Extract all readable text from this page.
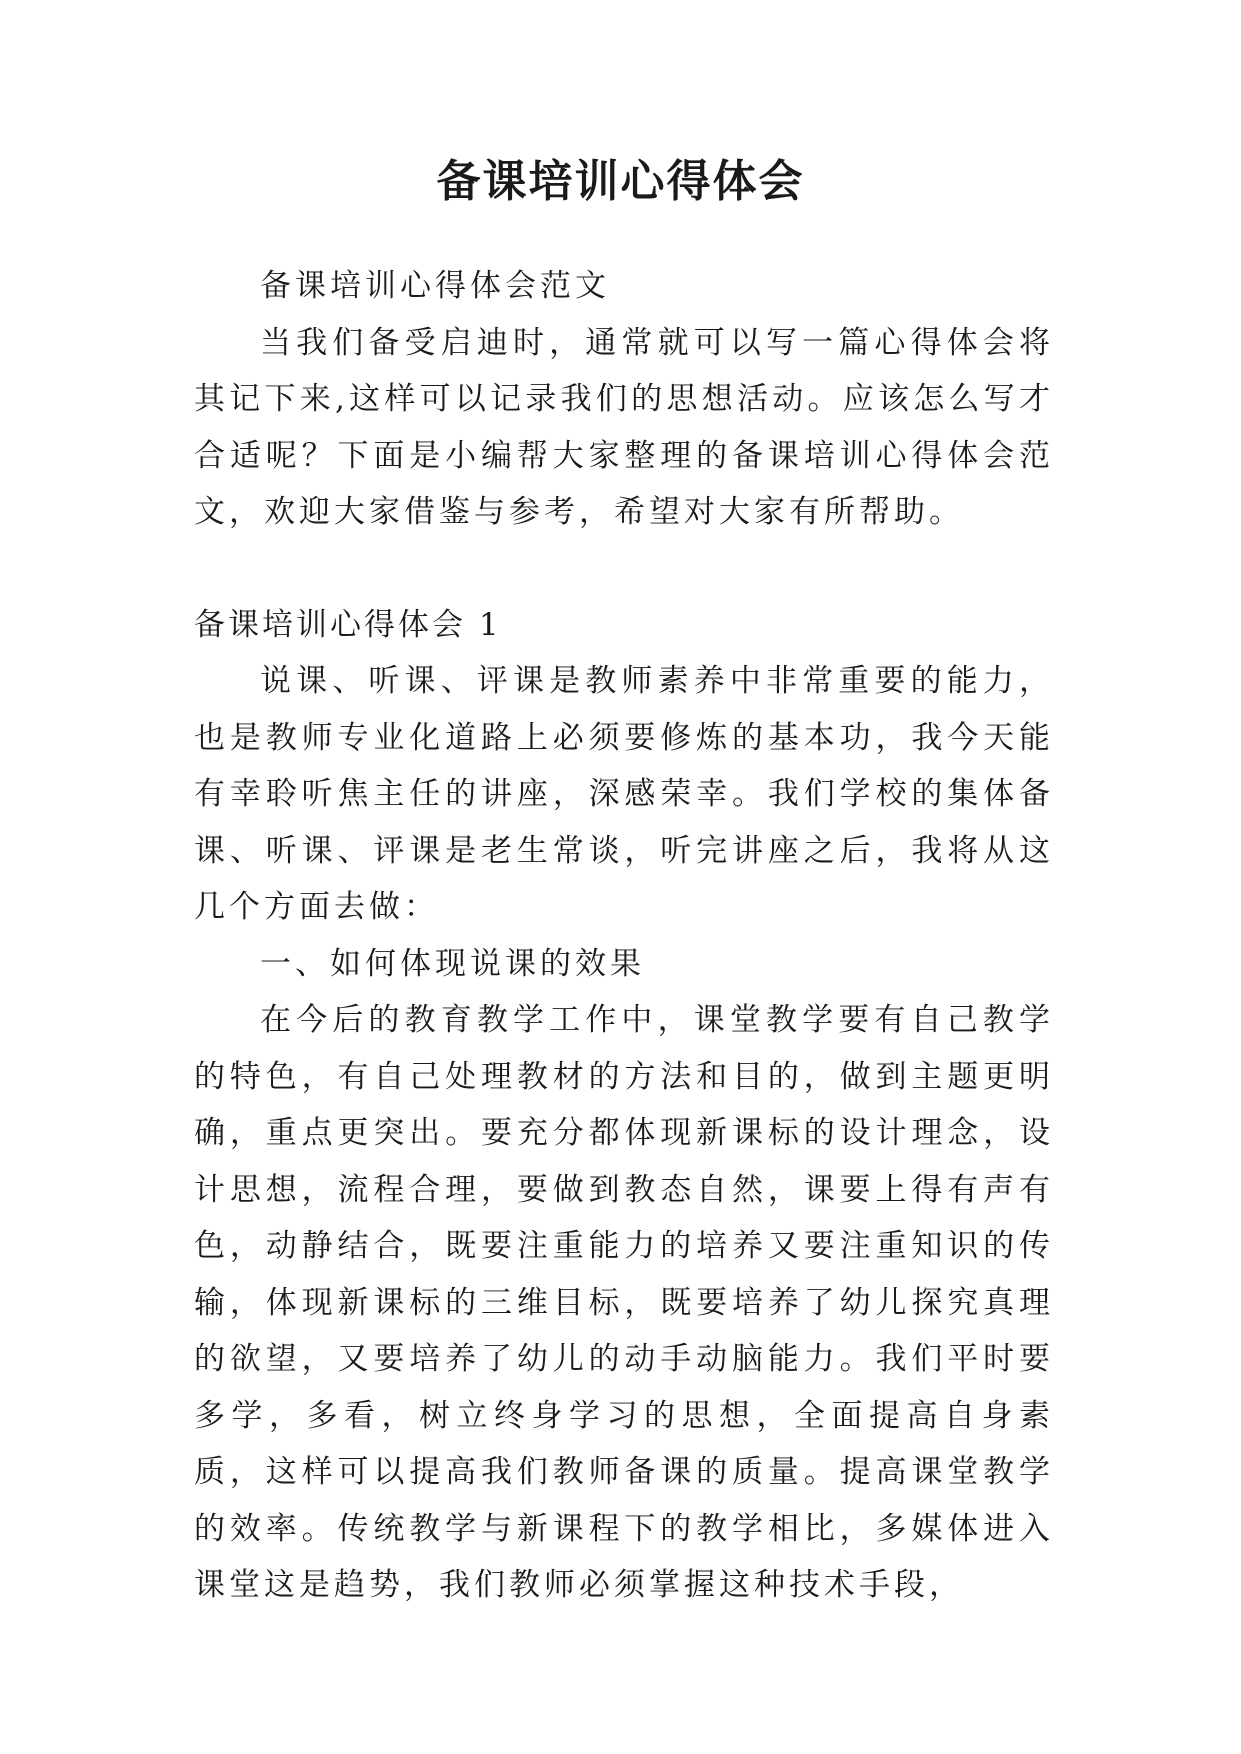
备课培训心得体会

备课培训心得体会范文

当我们备受启迪时，通常就可以写一篇心得体会将其记下来,这样可以记录我们的思想活动。应该怎么写才合适呢？下面是小编帮大家整理的备课培训心得体会范文，欢迎大家借鉴与参考，希望对大家有所帮助。

备课培训心得体会 1

说课、听课、评课是教师素养中非常重要的能力，也是教师专业化道路上必须要修炼的基本功，我今天能有幸聆听焦主任的讲座，深感荣幸。我们学校的集体备课、听课、评课是老生常谈，听完讲座之后，我将从这几个方面去做：

一、如何体现说课的效果

在今后的教育教学工作中，课堂教学要有自己教学的特色，有自己处理教材的方法和目的，做到主题更明确，重点更突出。要充分都体现新课标的设计理念，设计思想，流程合理，要做到教态自然，课要上得有声有色，动静结合，既要注重能力的培养又要注重知识的传输，体现新课标的三维目标，既要培养了幼儿探究真理的欲望，又要培养了幼儿的动手动脑能力。我们平时要多学，多看，树立终身学习的思想，全面提高自身素质，这样可以提高我们教师备课的质量。提高课堂教学的效率。传统教学与新课程下的教学相比，多媒体进入课堂这是趋势，我们教师必须掌握这种技术手段，
